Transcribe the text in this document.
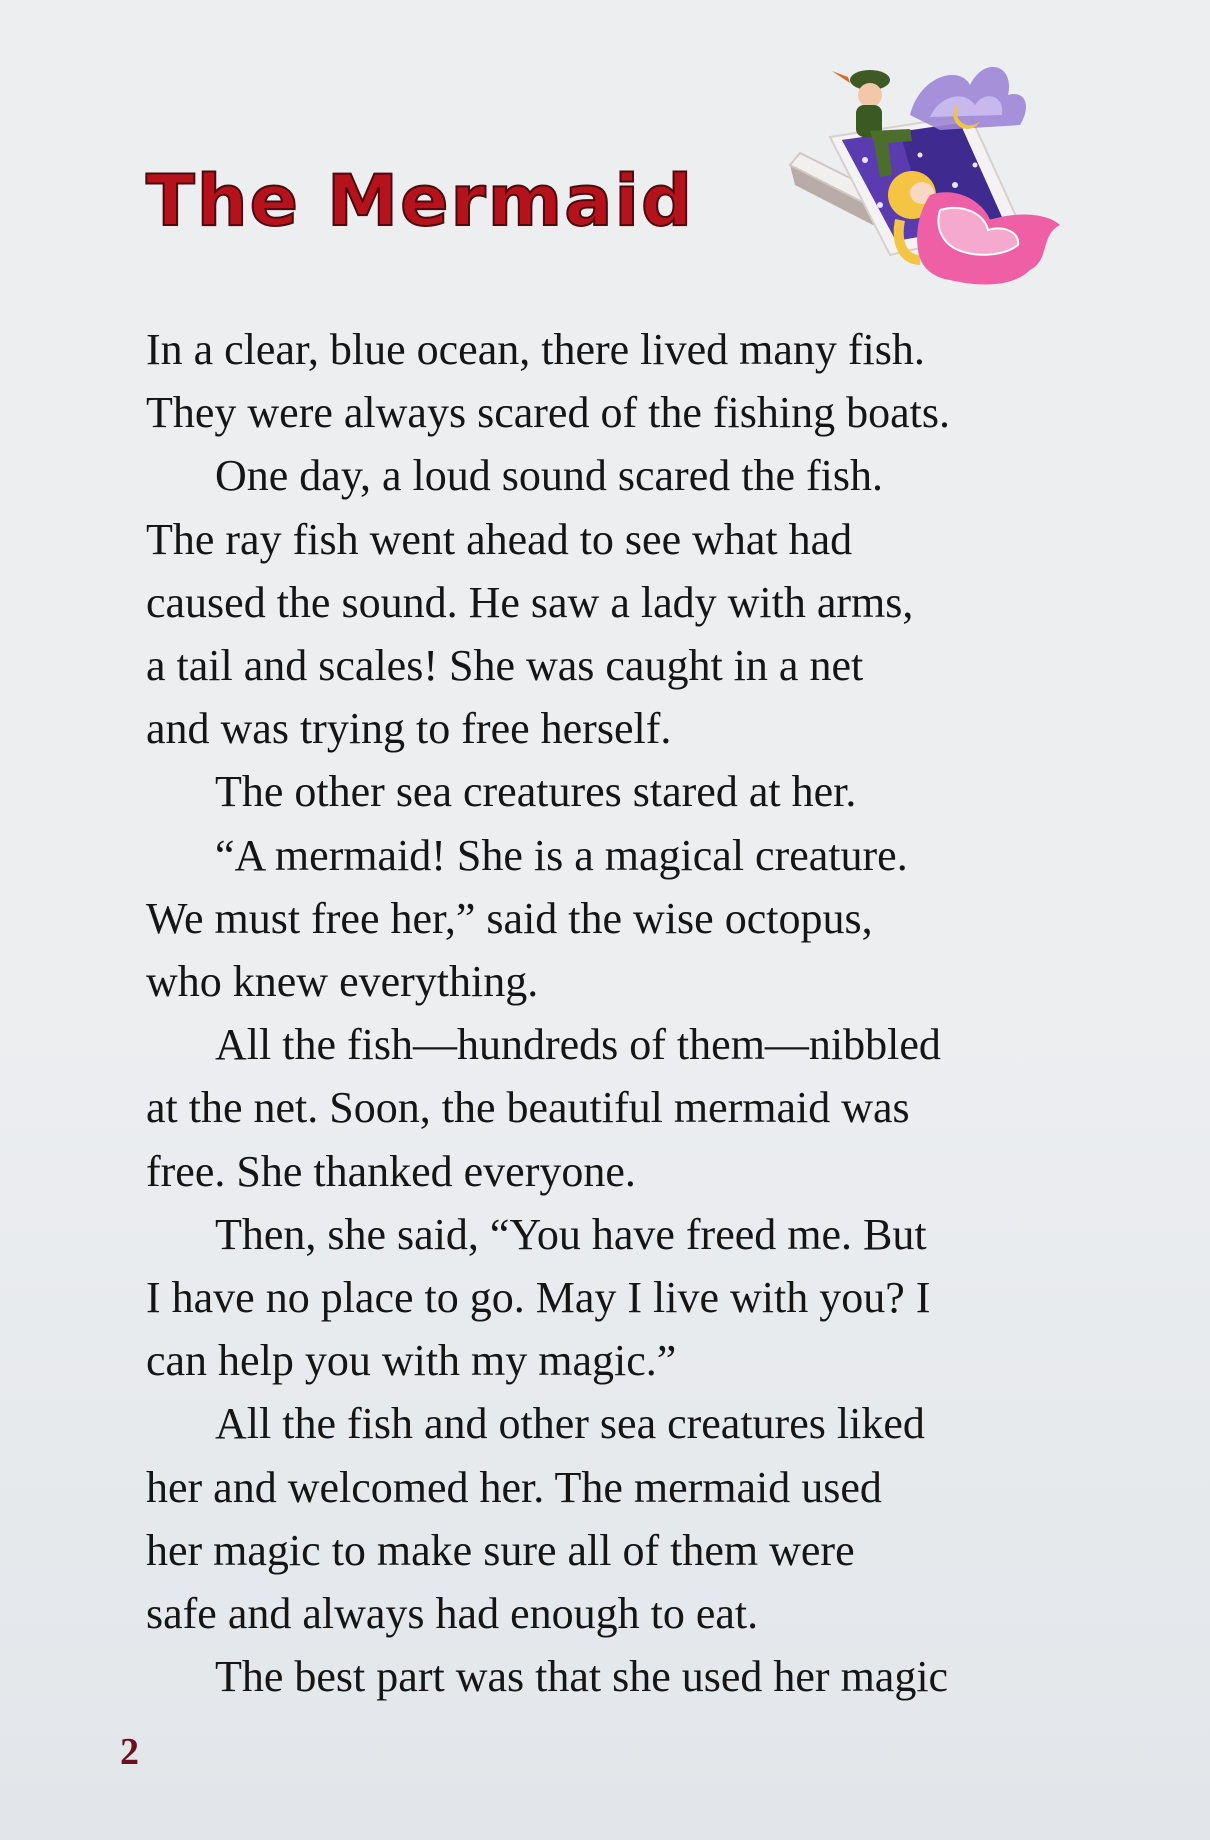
The Mermaid
In a clear, blue ocean, there lived many fish.
They were always scared of the fishing boats.
One day, a loud sound scared the fish.
The ray fish went ahead to see what had
caused the sound. He saw a lady with arms,
a tail and scales! She was caught in a net
and was trying to free herself.
The other sea creatures stared at her.
“A mermaid! She is a magical creature.
We must free her,” said the wise octopus,
who knew everything.
All the fish—hundreds of them—nibbled
at the net. Soon, the beautiful mermaid was
free. She thanked everyone.
Then, she said, “You have freed me. But
I have no place to go. May I live with you? I
can help you with my magic.”
All the fish and other sea creatures liked
her and welcomed her. The mermaid used
her magic to make sure all of them were
safe and always had enough to eat.
The best part was that she used her magic
2
